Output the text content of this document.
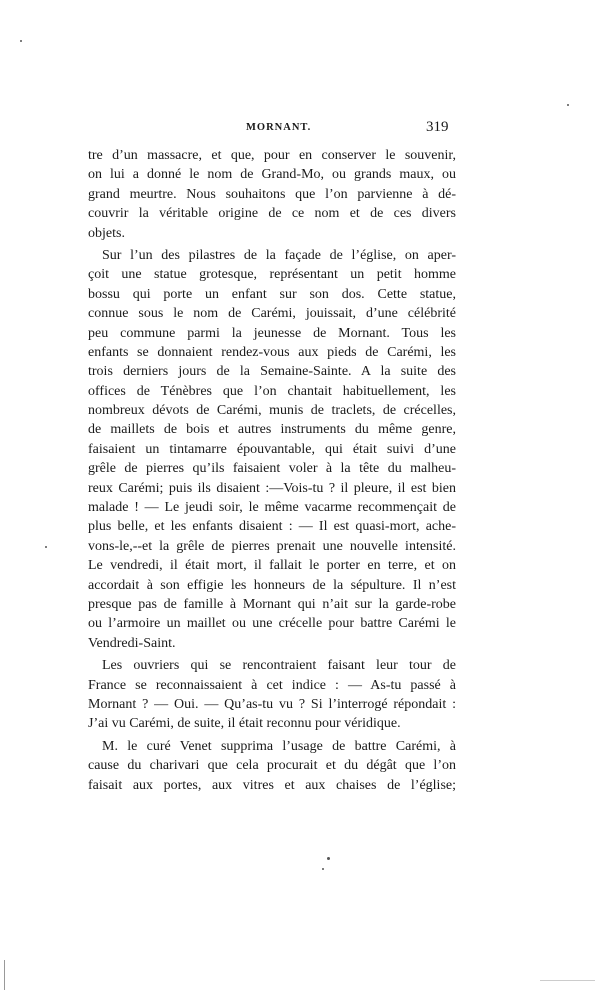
MORNANT.	319
tre d’un massacre, et que, pour en conserver le souvenir,
on lui a donné le nom de Grand-Mo, ou grands maux, ou
grand meurtre. Nous souhaitons que l’on parvienne à dé-
couvrir la véritable origine de ce nom et de ces divers
objets.
Sur l’un des pilastres de la façade de l’église, on aper-
çoit une statue grotesque, représentant un petit homme
bossu qui porte un enfant sur son dos. Cette statue,
connue sous le nom de Carémi, jouissait, d’une célébrité
peu commune parmi la jeunesse de Mornant. Tous les
enfants se donnaient rendez-vous aux pieds de Carémi, les
trois derniers jours de la Semaine-Sainte. A la suite des
offices de Ténèbres que l’on chantait habituellement, les
nombreux dévots de Carémi, munis de traclets, de crécelles,
de maillets de bois et autres instruments du même genre,
faisaient un tintamarre épouvantable, qui était suivi d’une
grêle de pierres qu’ils faisaient voler à la tête du malheu-
reux Carémi; puis ils disaient :—Vois-tu ? il pleure, il est bien
malade ! — Le jeudi soir, le même vacarme recommençait de
plus belle, et les enfants disaient : — Il est quasi-mort, ache-
vons-le,--et la grêle de pierres prenait une nouvelle intensité.
Le vendredi, il était mort, il fallait le porter en terre, et on
accordait à son effigie les honneurs de la sépulture. Il n’est
presque pas de famille à Mornant qui n’ait sur la garde-robe
ou l’armoire un maillet ou une crécelle pour battre Carémi le
Vendredi-Saint.
Les ouvriers qui se rencontraient faisant leur tour de
France se reconnaissaient à cet indice : — As-tu passé à
Mornant ? — Oui. — Qu’as-tu vu ? Si l’interrogé répondait :
J’ai vu Carémi, de suite, il était reconnu pour véridique.
M. le curé Venet supprima l’usage de battre Carémi, à
cause du charivari que cela procurait et du dégât que l’on
faisait aux portes, aux vitres et aux chaises de l’église;
